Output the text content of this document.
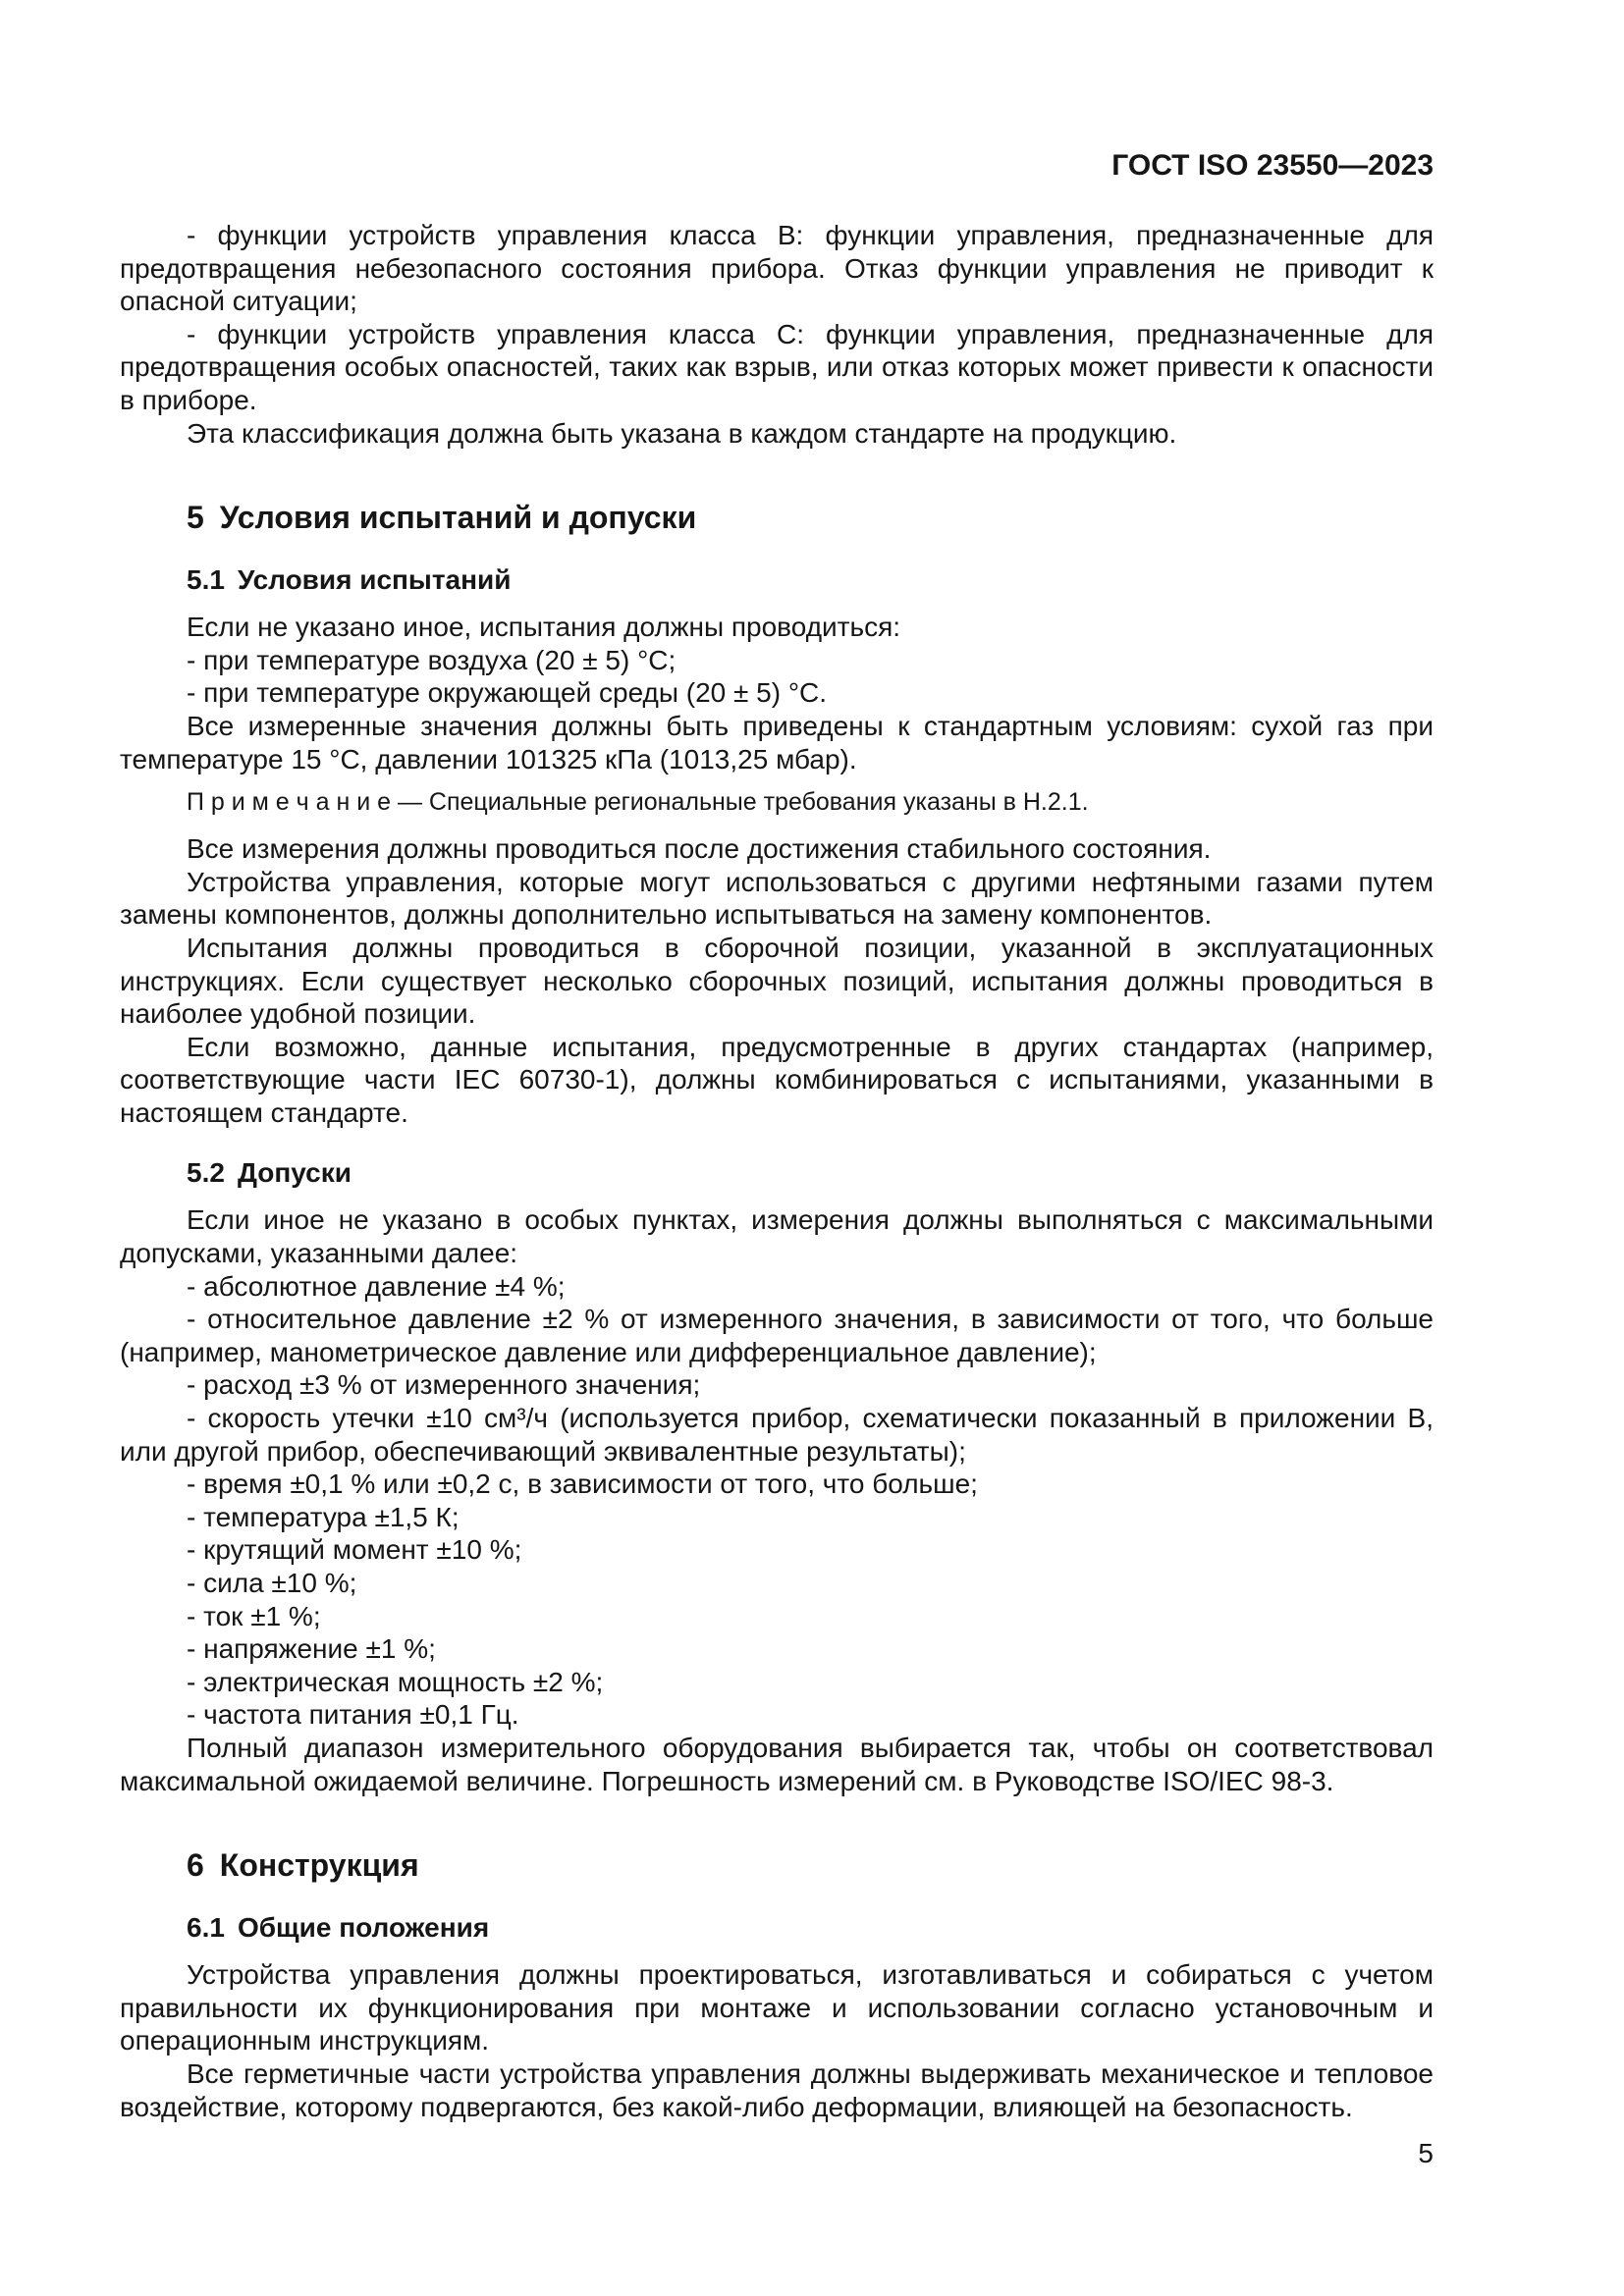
ГОСТ ISO 23550—2023

- функции устройств управления класса В: функции управления, предназначенные для предотвращения небезопасного состояния прибора. Отказ функции управления не приводит к опасной ситуации;

- функции устройств управления класса С: функции управления, предназначенные для предотвращения особых опасностей, таких как взрыв, или отказ которых может привести к опасности в приборе.

Эта классификация должна быть указана в каждом стандарте на продукцию.

5 Условия испытаний и допуски
5.1 Условия испытаний

Если не указано иное, испытания должны проводиться:

- при температуре воздуха (20 ± 5) °С;

- при температуре окружающей среды (20 ± 5) °С.

Все измеренные значения должны быть приведены к стандартным условиям: сухой газ при температуре 15 °С, давлении 101325 кПа (1013,25 мбар).

П р и м е ч а н и е — Специальные региональные требования указаны в Н.2.1.

Все измерения должны проводиться после достижения стабильного состояния.

Устройства управления, которые могут использоваться с другими нефтяными газами путем замены компонентов, должны дополнительно испытываться на замену компонентов.

Испытания должны проводиться в сборочной позиции, указанной в эксплуатационных инструкциях. Если существует несколько сборочных позиций, испытания должны проводиться в наиболее удобной позиции.

Если возможно, данные испытания, предусмотренные в других стандартах (например, соответствующие части IEC 60730-1), должны комбинироваться с испытаниями, указанными в настоящем стандарте.

5.2 Допуски

Если иное не указано в особых пунктах, измерения должны выполняться с максимальными допусками, указанными далее:

- абсолютное давление ±4 %;

- относительное давление ±2 % от измеренного значения, в зависимости от того, что больше (например, манометрическое давление или дифференциальное давление);

- расход ±3 % от измеренного значения;

- скорость утечки ±10 см³/ч (используется прибор, схематически показанный в приложении В, или другой прибор, обеспечивающий эквивалентные результаты);

- время ±0,1 % или ±0,2 с, в зависимости от того, что больше;

- температура ±1,5 К;

- крутящий момент ±10 %;

- сила ±10 %;

- ток ±1 %;

- напряжение ±1 %;

- электрическая мощность ±2 %;

- частота питания ±0,1 Гц.

Полный диапазон измерительного оборудования выбирается так, чтобы он соответствовал максимальной ожидаемой величине. Погрешность измерений см. в Руководстве ISO/IEC 98-3.

6 Конструкция
6.1 Общие положения

Устройства управления должны проектироваться, изготавливаться и собираться с учетом правильности их функционирования при монтаже и использовании согласно установочным и операционным инструкциям.

Все герметичные части устройства управления должны выдерживать механическое и тепловое воздействие, которому подвергаются, без какой-либо деформации, влияющей на безопасность.

5
